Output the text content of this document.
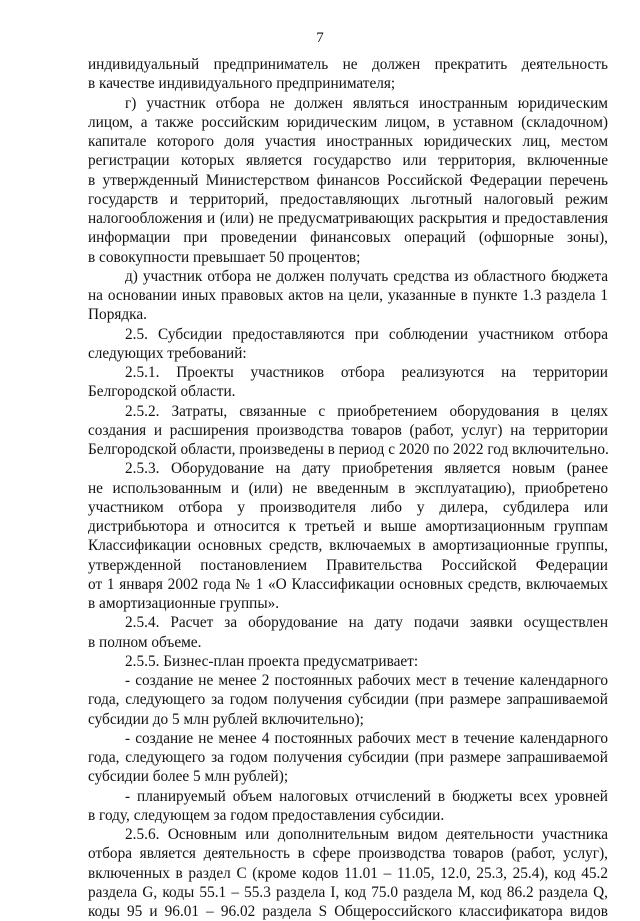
7
индивидуальный предприниматель не должен прекратить деятельность
в качестве индивидуального предпринимателя;
г) участник отбора не должен являться иностранным юридическим
лицом, а также российским юридическим лицом, в уставном (складочном)
капитале которого доля участия иностранных юридических лиц, местом
регистрации которых является государство или территория, включенные
в утвержденный Министерством финансов Российской Федерации перечень
государств и территорий, предоставляющих льготный налоговый режим
налогообложения и (или) не предусматривающих раскрытия и предоставления
информации при проведении финансовых операций (офшорные зоны),
в совокупности превышает 50 процентов;
д) участник отбора не должен получать средства из областного бюджета
на основании иных правовых актов на цели, указанные в пункте 1.3 раздела 1
Порядка.
2.5. Субсидии предоставляются при соблюдении участником отбора
следующих требований:
2.5.1. Проекты участников отбора реализуются на территории
Белгородской области.
2.5.2. Затраты, связанные с приобретением оборудования в целях
создания и расширения производства товаров (работ, услуг) на территории
Белгородской области, произведены в период с 2020 по 2022 год включительно.
2.5.3. Оборудование на дату приобретения является новым (ранее
не использованным и (или) не введенным в эксплуатацию), приобретено
участником отбора у производителя либо у дилера, субдилера или
дистрибьютора и относится к третьей и выше амортизационным группам
Классификации основных средств, включаемых в амортизационные группы,
утвержденной постановлением Правительства Российской Федерации
от 1 января 2002 года № 1 «О Классификации основных средств, включаемых
в амортизационные группы».
2.5.4. Расчет за оборудование на дату подачи заявки осуществлен
в полном объеме.
2.5.5. Бизнес-план проекта предусматривает:
- создание не менее 2 постоянных рабочих мест в течение календарного
года, следующего за годом получения субсидии (при размере запрашиваемой
субсидии до 5 млн рублей включительно);
- создание не менее 4 постоянных рабочих мест в течение календарного
года, следующего за годом получения субсидии (при размере запрашиваемой
субсидии более 5 млн рублей);
- планируемый объем налоговых отчислений в бюджеты всех уровней
в году, следующем за годом предоставления субсидии.
2.5.6. Основным или дополнительным видом деятельности участника
отбора является деятельность в сфере производства товаров (работ, услуг),
включенных в раздел С (кроме кодов 11.01 – 11.05, 12.0, 25.3, 25.4), код 45.2
раздела G, коды 55.1 – 55.3 раздела I, код 75.0 раздела M, код 86.2 раздела Q,
коды 95 и 96.01 – 96.02 раздела S Общероссийского классификатора видов
